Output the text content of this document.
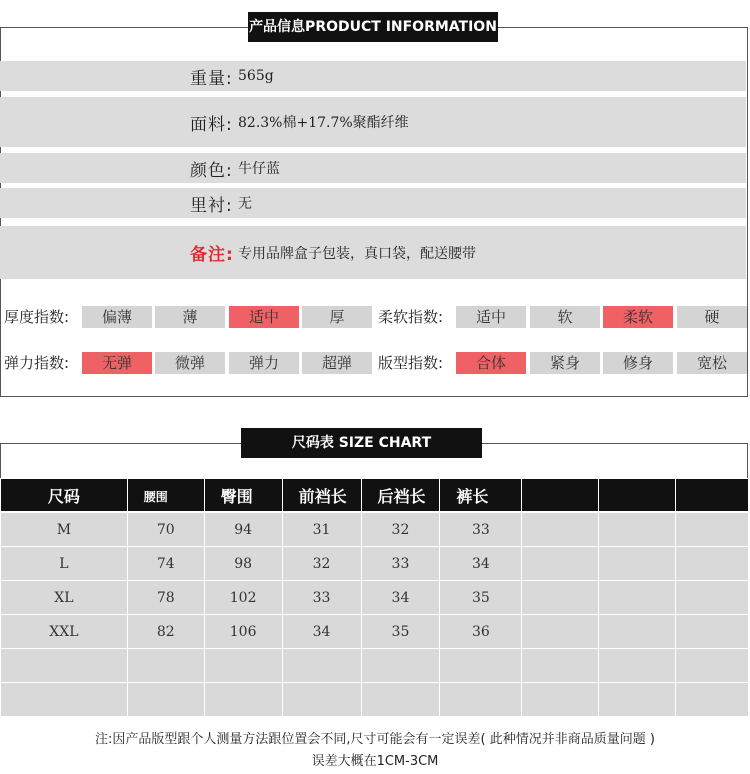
产品信息PRODUCT INFORMATION
重量: 565g
面料: 82.3%棉+17.7%聚酯纤维
颜色: 牛仔蓝
里衬: 无
备注: 专用品牌盒子包装，真口袋，配送腰带
厚度指数:	偏薄	薄	适中	厚	柔软指数:	适中	软	柔软	硬
弹力指数:	无弹	微弹	弹力	超弹	版型指数:	合体	紧身	修身	宽松
尺码表 SIZE CHART
尺码	腰围	臀围	前裆长	后裆长	裤长			
M	70	94	31	32	33			
L	74	98	32	33	34			
XL	78	102	33	34	35			
XXL	82	106	34	35	36			

注:因产品版型跟个人测量方法跟位置会不同,尺寸可能会有一定误差( 此种情况并非商品质量问题 )
误差大概在1CM-3CM
